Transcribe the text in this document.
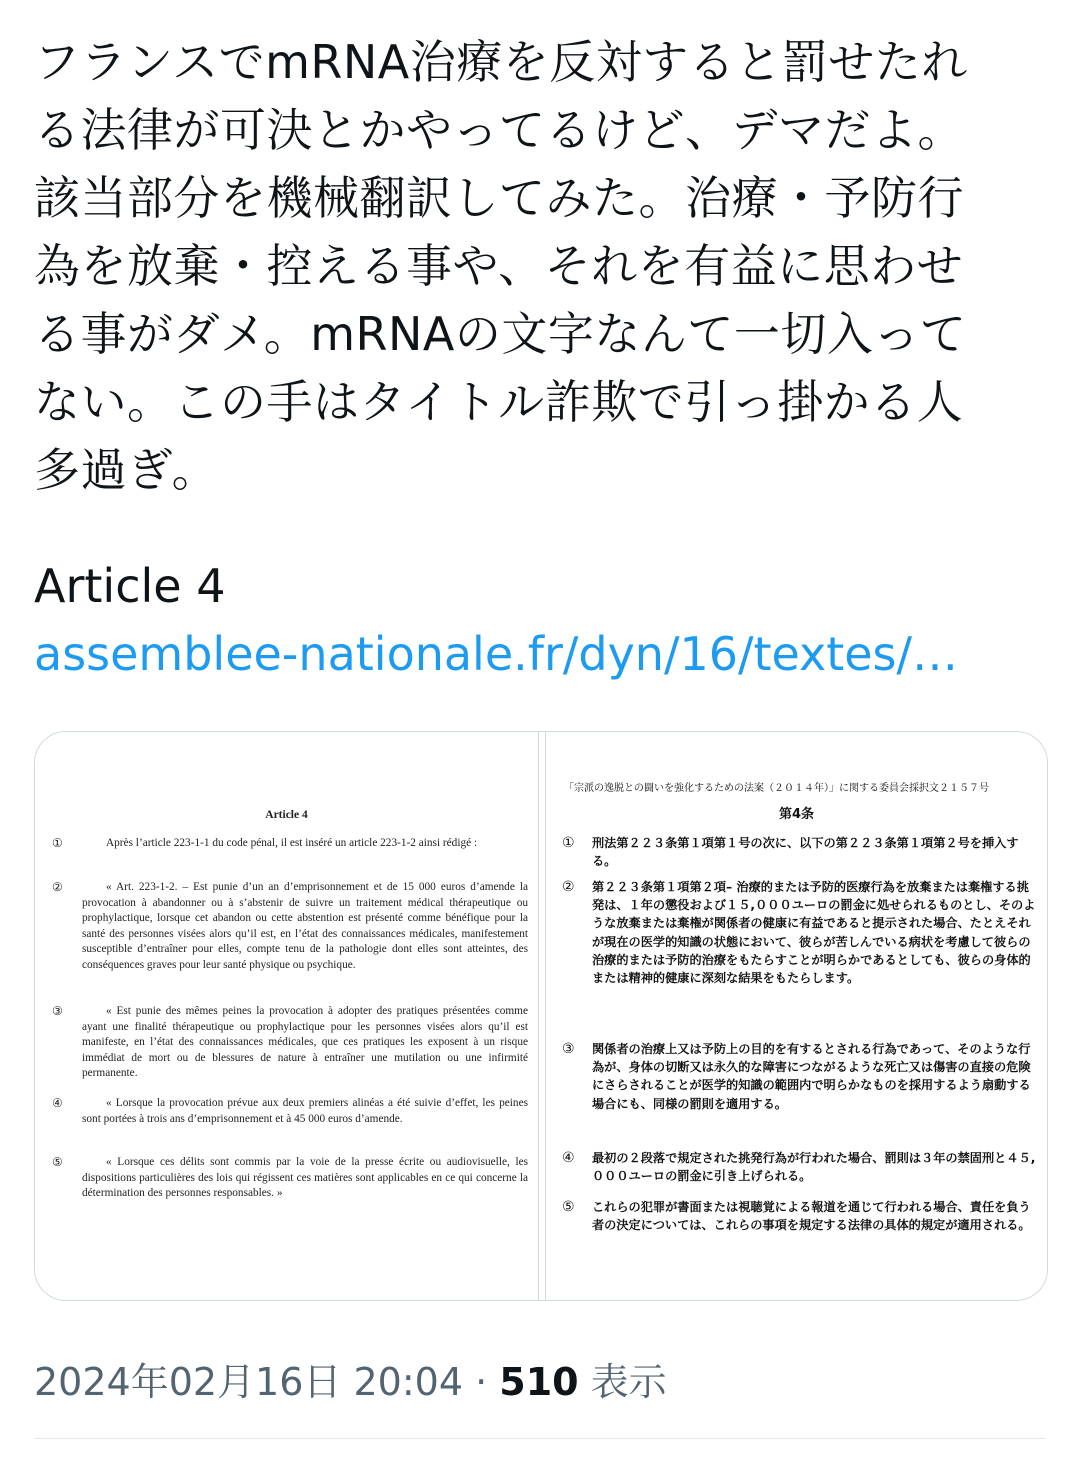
フランスでmRNA治療を反対すると罰せたれ

る法律が可決とかやってるけど、デマだよ。

該当部分を機械翻訳してみた。治療・予防行

為を放棄・控える事や、それを有益に思わせ

る事がダメ。mRNAの文字なんて一切入って

ない。この手はタイトル詐欺で引っ掛かる人

多過ぎ。

Article 4
assemblee-nationale.fr/dyn/16/textes/…
Article 4
①	Après l’article 223-1-1 du code pénal, il est inséré un article 223-1-2 ainsi rédigé :

②	« Art. 223-1-2. – Est punie d’un an d’emprisonnement et de 15 000 euros d’amende la provocation à abandonner ou à s’abstenir de suivre un traitement médical thérapeutique ou prophylactique, lorsque cet abandon ou cette abstention est présenté comme bénéfique pour la santé des personnes visées alors qu’il est, en l’état des connaissances médicales, manifestement susceptible d’entraîner pour elles, compte tenu de la pathologie dont elles sont atteintes, des conséquences graves pour leur santé physique ou psychique.

③	« Est punie des mêmes peines la provocation à adopter des pratiques présentées comme ayant une finalité thérapeutique ou prophylactique pour les personnes visées alors qu’il est manifeste, en l’état des connaissances médicales, que ces pratiques les exposent à un risque immédiat de mort ou de blessures de nature à entraîner une mutilation ou une infirmité permanente.

④	« Lorsque la provocation prévue aux deux premiers alinéas a été suivie d’effet, les peines sont portées à trois ans d’emprisonnement et à 45 000 euros d’amende.

⑤	« Lorsque ces délits sont commis par la voie de la presse écrite ou audiovisuelle, les dispositions particulières des lois qui régissent ces matières sont applicables en ce qui concerne la détermination des personnes responsables. »

「宗派の逸脱との闘いを強化するための法案（２０１４年）」に関する委員会採択文２１５７号
第4条
① 刑法第２２３条第１項第１号の次に、以下の第２２３条第１項第２号を挿入する。

② 第２２３条第１項第２項– 治療的または予防的医療行為を放棄または棄権する挑発は、１年の懲役および１５,０００ユーロの罰金に処せられるものとし、そのような放棄または棄権が関係者の健康に有益であると提示された場合、たとえそれが現在の医学的知識の状態において、彼らが苦しんでいる病状を考慮して彼らの治療的または予防的治療をもたらすことが明らかであるとしても、彼らの身体的または精神的健康に深刻な結果をもたらします。

③ 関係者の治療上又は予防上の目的を有するとされる行為であって、そのような行為が、身体の切断又は永久的な障害につながるような死亡又は傷害の直接の危険にさらされることが医学的知識の範囲内で明らかなものを採用するよう扇動する場合にも、同様の罰則を適用する。

④ 最初の２段落で規定された挑発行為が行われた場合、罰則は３年の禁固刑と４５,０００ユーロの罰金に引き上げられる。

⑤ これらの犯罪が書面または視聴覚による報道を通じて行われる場合、責任を負う者の決定については、これらの事項を規定する法律の具体的規定が適用される。

2024年02月16日 20:04 · 510 表示
